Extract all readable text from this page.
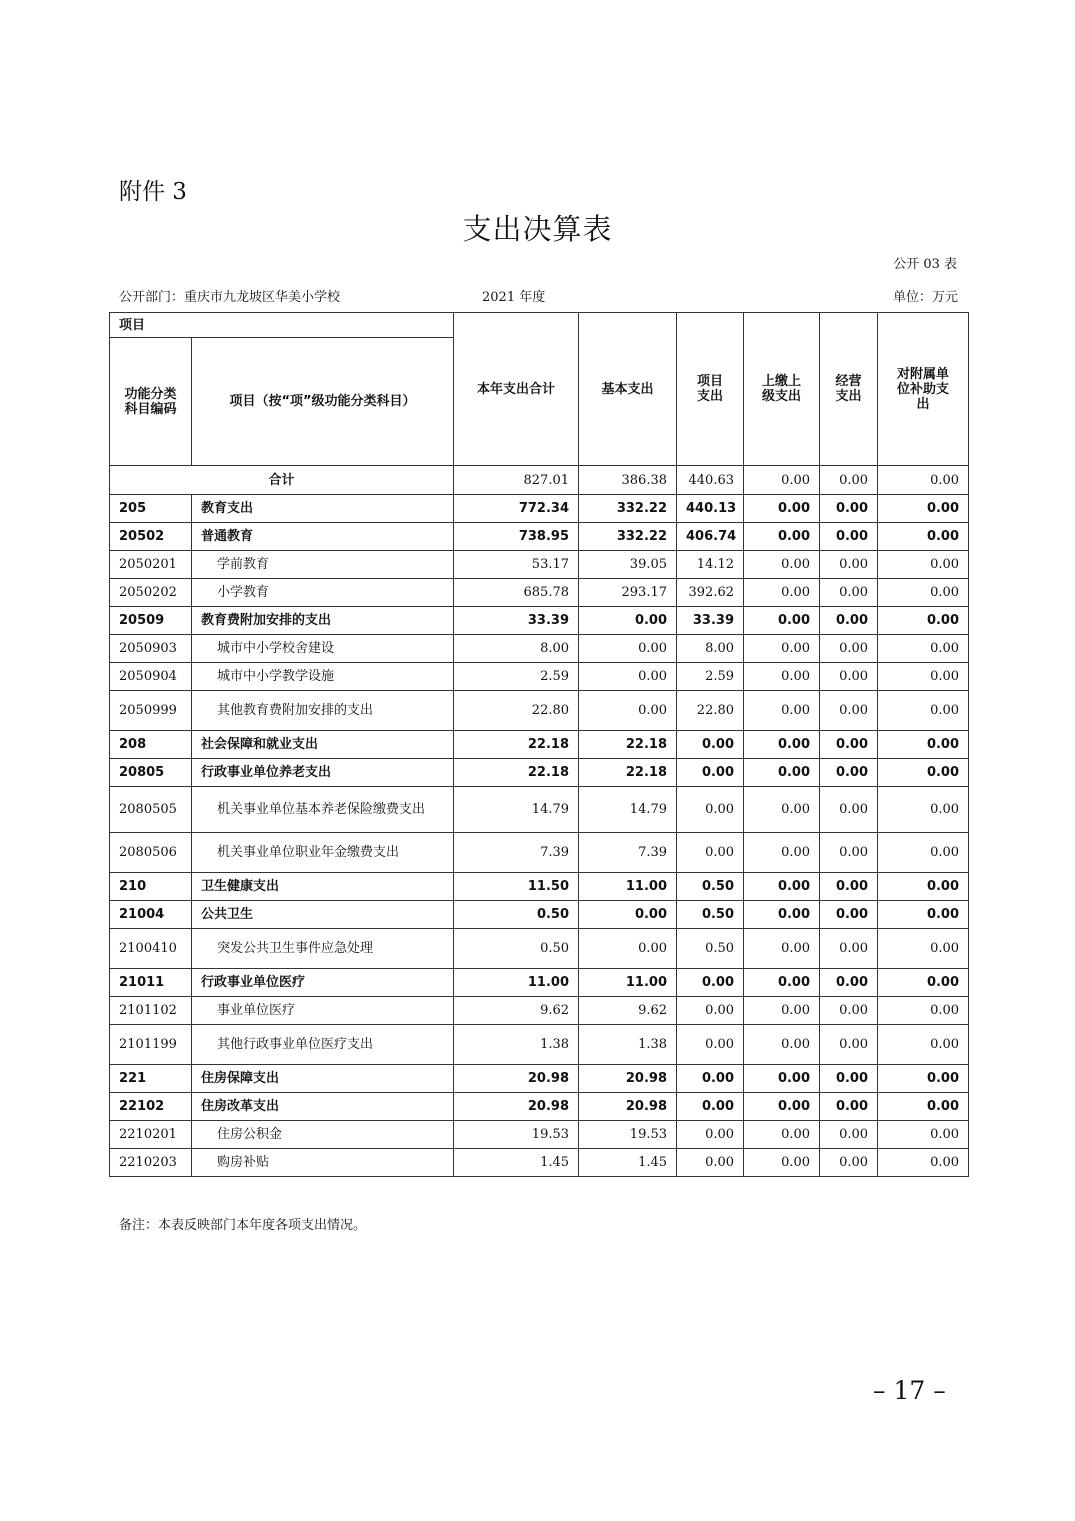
附件 3
支出决算表
公开 03 表
公开部门：重庆市九龙坡区华美小学校	2021 年度	单位：万元
项目		本年支出合计	基本支出	项目支出	上缴上级支出	经营支出	对附属单位补助支出
功能分类科目编码	项目（按“项”级功能分类科目）						
合计		827.01	386.38	440.63	0.00	0.00	0.00
205	教育支出	772.34	332.22	440.13	0.00	0.00	0.00
20502	普通教育	738.95	332.22	406.74	0.00	0.00	0.00
2050201	学前教育	53.17	39.05	14.12	0.00	0.00	0.00
2050202	小学教育	685.78	293.17	392.62	0.00	0.00	0.00
20509	教育费附加安排的支出	33.39	0.00	33.39	0.00	0.00	0.00
2050903	城市中小学校舍建设	8.00	0.00	8.00	0.00	0.00	0.00
2050904	城市中小学教学设施	2.59	0.00	2.59	0.00	0.00	0.00
2050999	其他教育费附加安排的支出	22.80	0.00	22.80	0.00	0.00	0.00
208	社会保障和就业支出	22.18	22.18	0.00	0.00	0.00	0.00
20805	行政事业单位养老支出	22.18	22.18	0.00	0.00	0.00	0.00
2080505	机关事业单位基本养老保险缴费支出	14.79	14.79	0.00	0.00	0.00	0.00
2080506	机关事业单位职业年金缴费支出	7.39	7.39	0.00	0.00	0.00	0.00
210	卫生健康支出	11.50	11.00	0.50	0.00	0.00	0.00
21004	公共卫生	0.50	0.00	0.50	0.00	0.00	0.00
2100410	突发公共卫生事件应急处理	0.50	0.00	0.50	0.00	0.00	0.00
21011	行政事业单位医疗	11.00	11.00	0.00	0.00	0.00	0.00
2101102	事业单位医疗	9.62	9.62	0.00	0.00	0.00	0.00
2101199	其他行政事业单位医疗支出	1.38	1.38	0.00	0.00	0.00	0.00
221	住房保障支出	20.98	20.98	0.00	0.00	0.00	0.00
22102	住房改革支出	20.98	20.98	0.00	0.00	0.00	0.00
2210201	住房公积金	19.53	19.53	0.00	0.00	0.00	0.00
2210203	购房补贴	1.45	1.45	0.00	0.00	0.00	0.00
备注：本表反映部门本年度各项支出情况。
– 17 –
